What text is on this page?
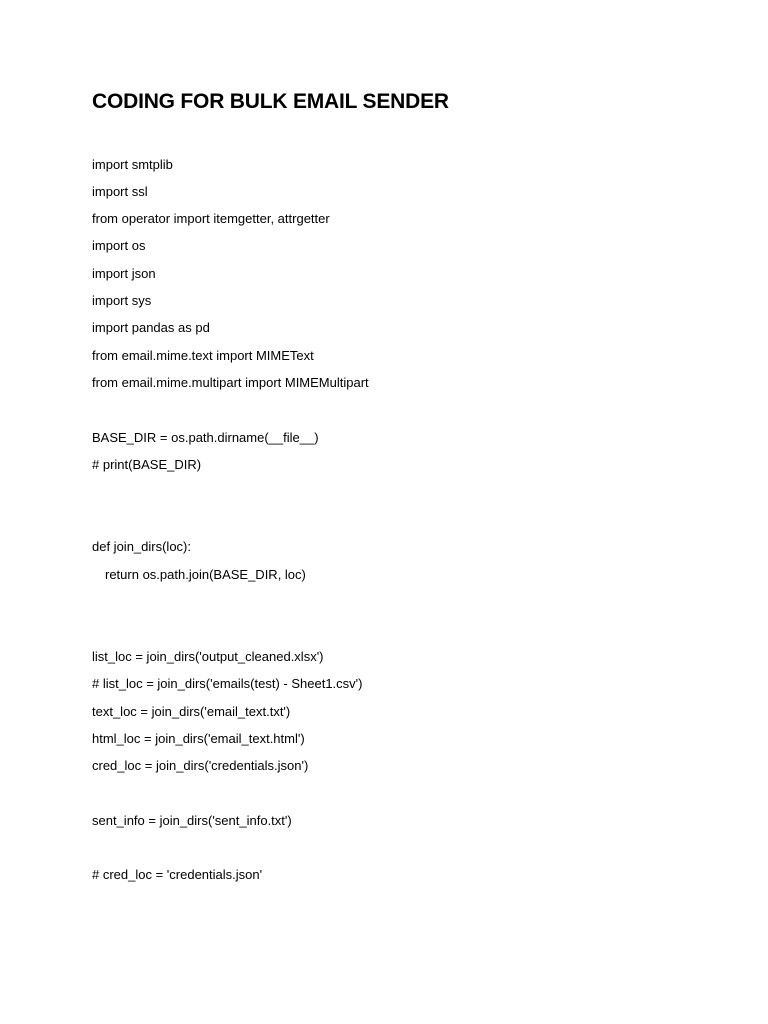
CODING FOR BULK EMAIL SENDER
import smtplib
import ssl
from operator import itemgetter, attrgetter
import os
import json
import sys
import pandas as pd
from email.mime.text import MIMEText
from email.mime.multipart import MIMEMultipart
BASE_DIR = os.path.dirname(__file__)
# print(BASE_DIR)
def join_dirs(loc):
return os.path.join(BASE_DIR, loc)
list_loc = join_dirs('output_cleaned.xlsx')
# list_loc = join_dirs('emails(test) - Sheet1.csv')
text_loc = join_dirs('email_text.txt')
html_loc = join_dirs('email_text.html')
cred_loc = join_dirs('credentials.json')
sent_info = join_dirs('sent_info.txt')
# cred_loc = 'credentials.json'
